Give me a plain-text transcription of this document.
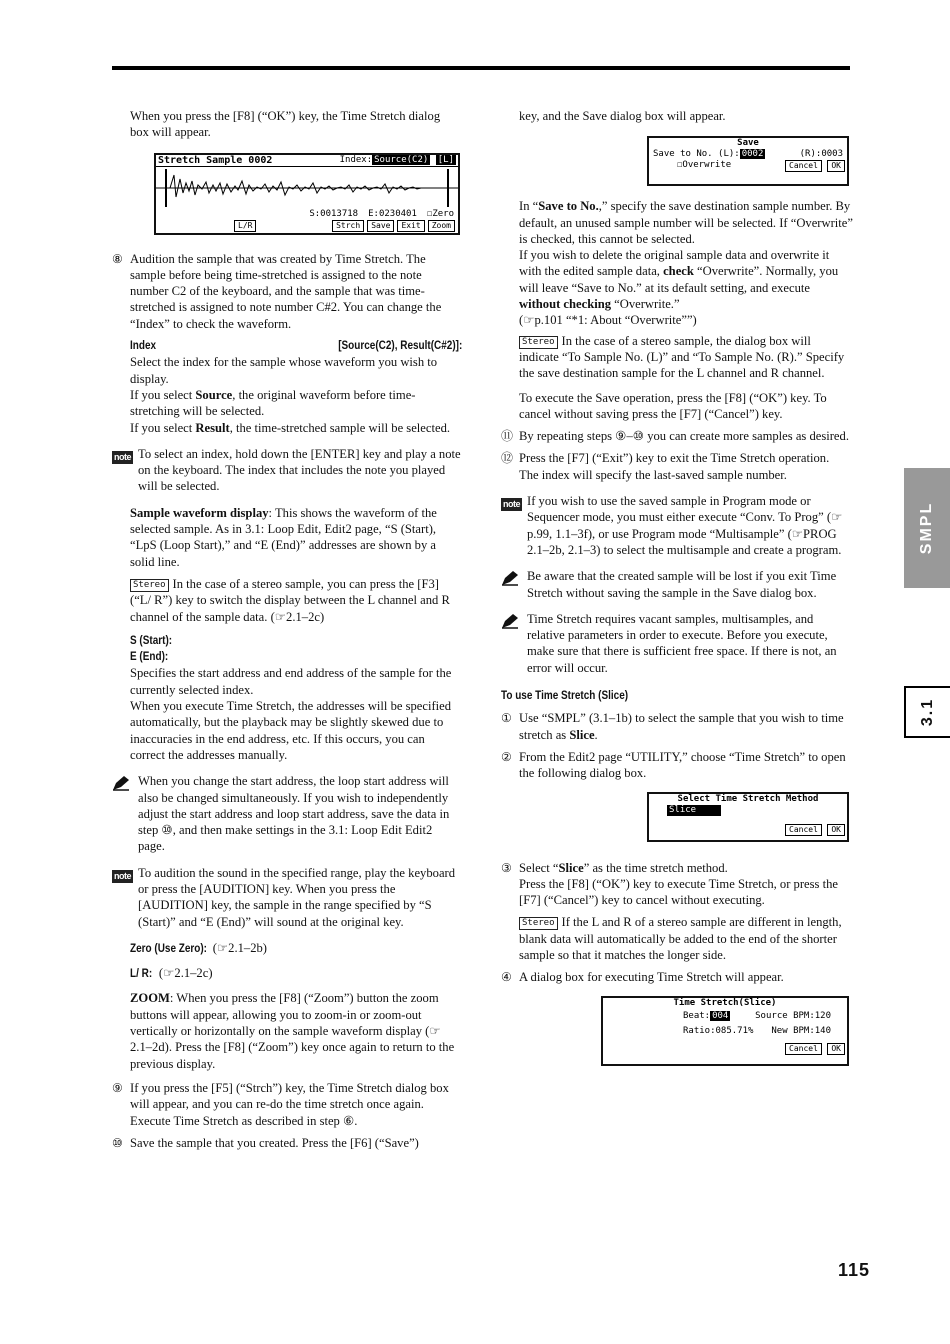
When you press the [F8] (“OK”) key, the Time Stretch dialog box will appear.

Stretch Sample 0002	Index: Source(C2) [L]
S:0013718 E:0230401 ☐Zero
L/R	Strch	Save	Exit	Zoom
⑧ Audition the sample that was created by Time Stretch. The sample before being time-stretched is assigned to the note number C2 of the keyboard, and the sample that was time-stretched is assigned to note number C#2. You can change the “Index” to check the waveform.
Index	[Source(C2), Result(C#2)]:
Select the index for the sample whose waveform you wish to display.
If you select Source, the original waveform before time-stretching will be selected.
If you select Result, the time-stretched sample will be selected.
note To select an index, hold down the [ENTER] key and play a note on the keyboard. The index that includes the note you played will be selected.

Sample waveform display: This shows the waveform of the selected sample. As in 3.1: Loop Edit, Edit2 page, “S (Start), “LpS (Loop Start),” and “E (End)” addresses are shown by a solid line.

Stereo In the case of a stereo sample, you can press the [F3] (“L/ R”) key to switch the display between the L channel and R channel of the sample data. (☞2.1–2c)

S (Start):
E (End):
Specifies the start address and end address of the sample for the currently selected index.
When you execute Time Stretch, the addresses will be specified automatically, but the playback may be slightly skewed due to inaccuracies in the end address, etc. If this occurs, you can correct the addresses manually.
When you change the start address, the loop start address will also be changed simultaneously. If you wish to independently adjust the start address and loop start address, save the data in step ⑩, and then make settings in the 3.1: Loop Edit Edit2 page.
note To audition the sound in the specified range, play the keyboard or press the [AUDITION] key. When you press the [AUDITION] key, the sample in the range specified by “S (Start)” and “E (End)” will sound at the original key.

Zero (Use Zero): (☞2.1–2b)

L/ R: (☞2.1–2c)

ZOOM: When you press the [F8] (“Zoom”) button the zoom buttons will appear, allowing you to zoom-in or zoom-out vertically or horizontally on the sample waveform display (☞2.1–2d). Press the [F8] (“Zoom”) key once again to return to the previous display.

⑨ If you press the [F5] (“Strch”) key, the Time Stretch dialog box will appear, and you can re-do the time stretch once again. Execute Time Stretch as described in step ⑥.
⑩ Save the sample that you created. Press the [F6] (“Save”)

key, and the Save dialog box will appear.

Save
Save to No. (L): 0002	(R):0003
☐Overwrite	Cancel OK
In “Save to No.,” specify the save destination sample number. By default, an unused sample number will be selected. If “Overwrite” is checked, this cannot be selected.
If you wish to delete the original sample data and overwrite it with the edited sample data, check “Overwrite”. Normally, you will leave “Save to No.” at its default setting, and execute without checking “Overwrite.”
(☞p.101 “*1: About “Overwrite””)

Stereo In the case of a stereo sample, the dialog box will indicate “To Sample No. (L)” and “To Sample No. (R).” Specify the save destination sample for the L channel and R channel.

To execute the Save operation, press the [F8] (“OK”) key. To cancel without saving press the [F7] (“Cancel”) key.

⑪ By repeating steps ⑨–⑩ you can create more samples as desired.
⑫ Press the [F7] (“Exit”) key to exit the Time Stretch operation.
The index will specify the last-saved sample number.
note If you wish to use the saved sample in Program mode or Sequencer mode, you must either execute “Conv. To Prog” (☞p.99, 1.1–3f), or use Program mode “Multisample” (☞PROG 2.1–2b, 2.1–3) to select the multisample and create a program.
Be aware that the created sample will be lost if you exit Time Stretch without saving the sample in the Save dialog box.
Time Stretch requires vacant samples, multisamples, and relative parameters in order to execute. Before you execute, make sure that there is sufficient free space. If there is not, an error will occur.
To use Time Stretch (Slice)
① Use “SMPL” (3.1–1b) to select the sample that you wish to time stretch as Slice.
② From the Edit2 page “UTILITY,” choose “Time Stretch” to open the following dialog box.
Select Time Stretch Method
Slice
Cancel OK
③ Select “Slice” as the time stretch method.
Press the [F8] (“OK”) key to execute Time Stretch, or press the [F7] (“Cancel”) key to cancel without executing.
Stereo If the L and R of a stereo sample are different in length, blank data will automatically be added to the end of the shorter sample so that it matches the longer side.
④ A dialog box for executing Time Stretch will appear.
Time Stretch(Slice)
Beat: 004	Source BPM:120
Ratio:085.71% New BPM:140
Cancel OK
SMPL
3.1
115
